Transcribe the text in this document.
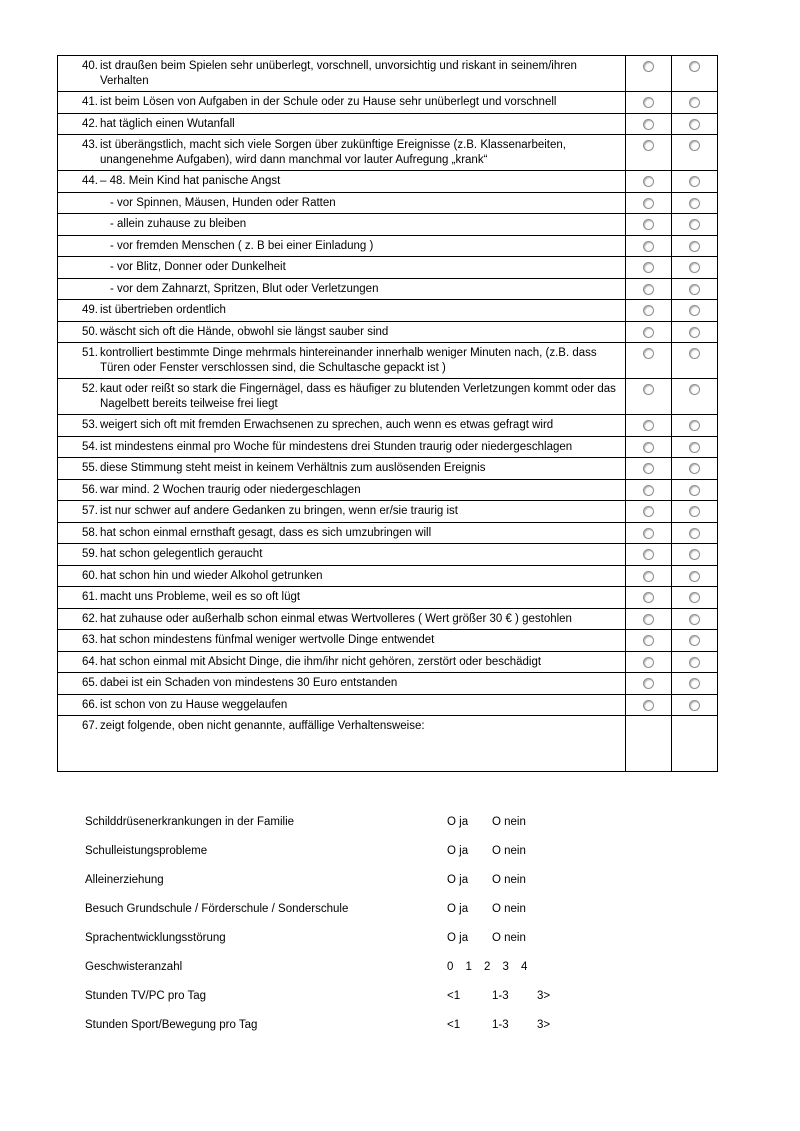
40. ist draußen beim Spielen sehr unüberlegt, vorschnell, unvorsichtig und riskant in seinem/ihren Verhalten
41. ist beim Lösen von Aufgaben in der Schule oder zu Hause sehr unüberlegt und vorschnell
42. hat täglich einen Wutanfall
43. ist überängstlich, macht sich viele Sorgen über zukünftige Ereignisse (z.B. Klassenarbeiten, unangenehme Aufgaben), wird dann manchmal vor lauter Aufregung „krank“
44. – 48. Mein Kind hat panische Angst
- vor Spinnen, Mäusen, Hunden oder Ratten
- allein zuhause zu bleiben
- vor fremden Menschen ( z. B bei einer Einladung )
- vor Blitz, Donner oder Dunkelheit
- vor dem Zahnarzt, Spritzen, Blut oder Verletzungen
49. ist übertrieben ordentlich
50. wäscht sich oft die Hände, obwohl sie längst sauber sind
51. kontrolliert bestimmte Dinge mehrmals hintereinander innerhalb weniger Minuten nach, (z.B. dass Türen oder Fenster verschlossen sind, die Schultasche gepackt ist )
52. kaut oder reißt so stark die Fingernägel, dass es häufiger zu blutenden Verletzungen kommt oder das Nagelbett bereits teilweise frei liegt
53. weigert sich oft mit fremden Erwachsenen zu sprechen, auch wenn es etwas gefragt wird
54. ist mindestens einmal pro Woche für mindestens drei Stunden traurig oder niedergeschlagen
55. diese Stimmung steht meist in keinem Verhältnis zum auslösenden Ereignis
56. war mind. 2 Wochen traurig oder niedergeschlagen
57. ist nur schwer auf andere Gedanken zu bringen, wenn er/sie traurig ist
58. hat schon einmal ernsthaft gesagt, dass es sich umzubringen will
59. hat schon gelegentlich geraucht
60. hat schon hin und wieder Alkohol getrunken
61. macht uns Probleme, weil es so oft lügt
62. hat zuhause oder außerhalb schon einmal etwas Wertvolleres ( Wert größer 30 € ) gestohlen
63. hat schon mindestens fünfmal weniger wertvolle Dinge entwendet
64. hat schon einmal mit Absicht Dinge, die ihm/ihr nicht gehören, zerstört oder beschädigt
65. dabei ist ein Schaden von mindestens 30 Euro entstanden
66. ist schon von zu Hause weggelaufen
67. zeigt folgende, oben nicht genannte, auffällige Verhaltensweise:
Schilddrüsenerkrankungen in der Familie	O ja	O nein
Schulleistungsprobleme	O ja	O nein
Alleinerziehung	O ja	O nein
Besuch Grundschule / Förderschule / Sonderschule	O ja	O nein
Sprachentwicklungsstörung	O ja	O nein
Geschwisteranzahl	0	1	2	3	4
Stunden TV/PC pro Tag	<1	1-3	3>
Stunden Sport/Bewegung pro Tag	<1	1-3	3>
